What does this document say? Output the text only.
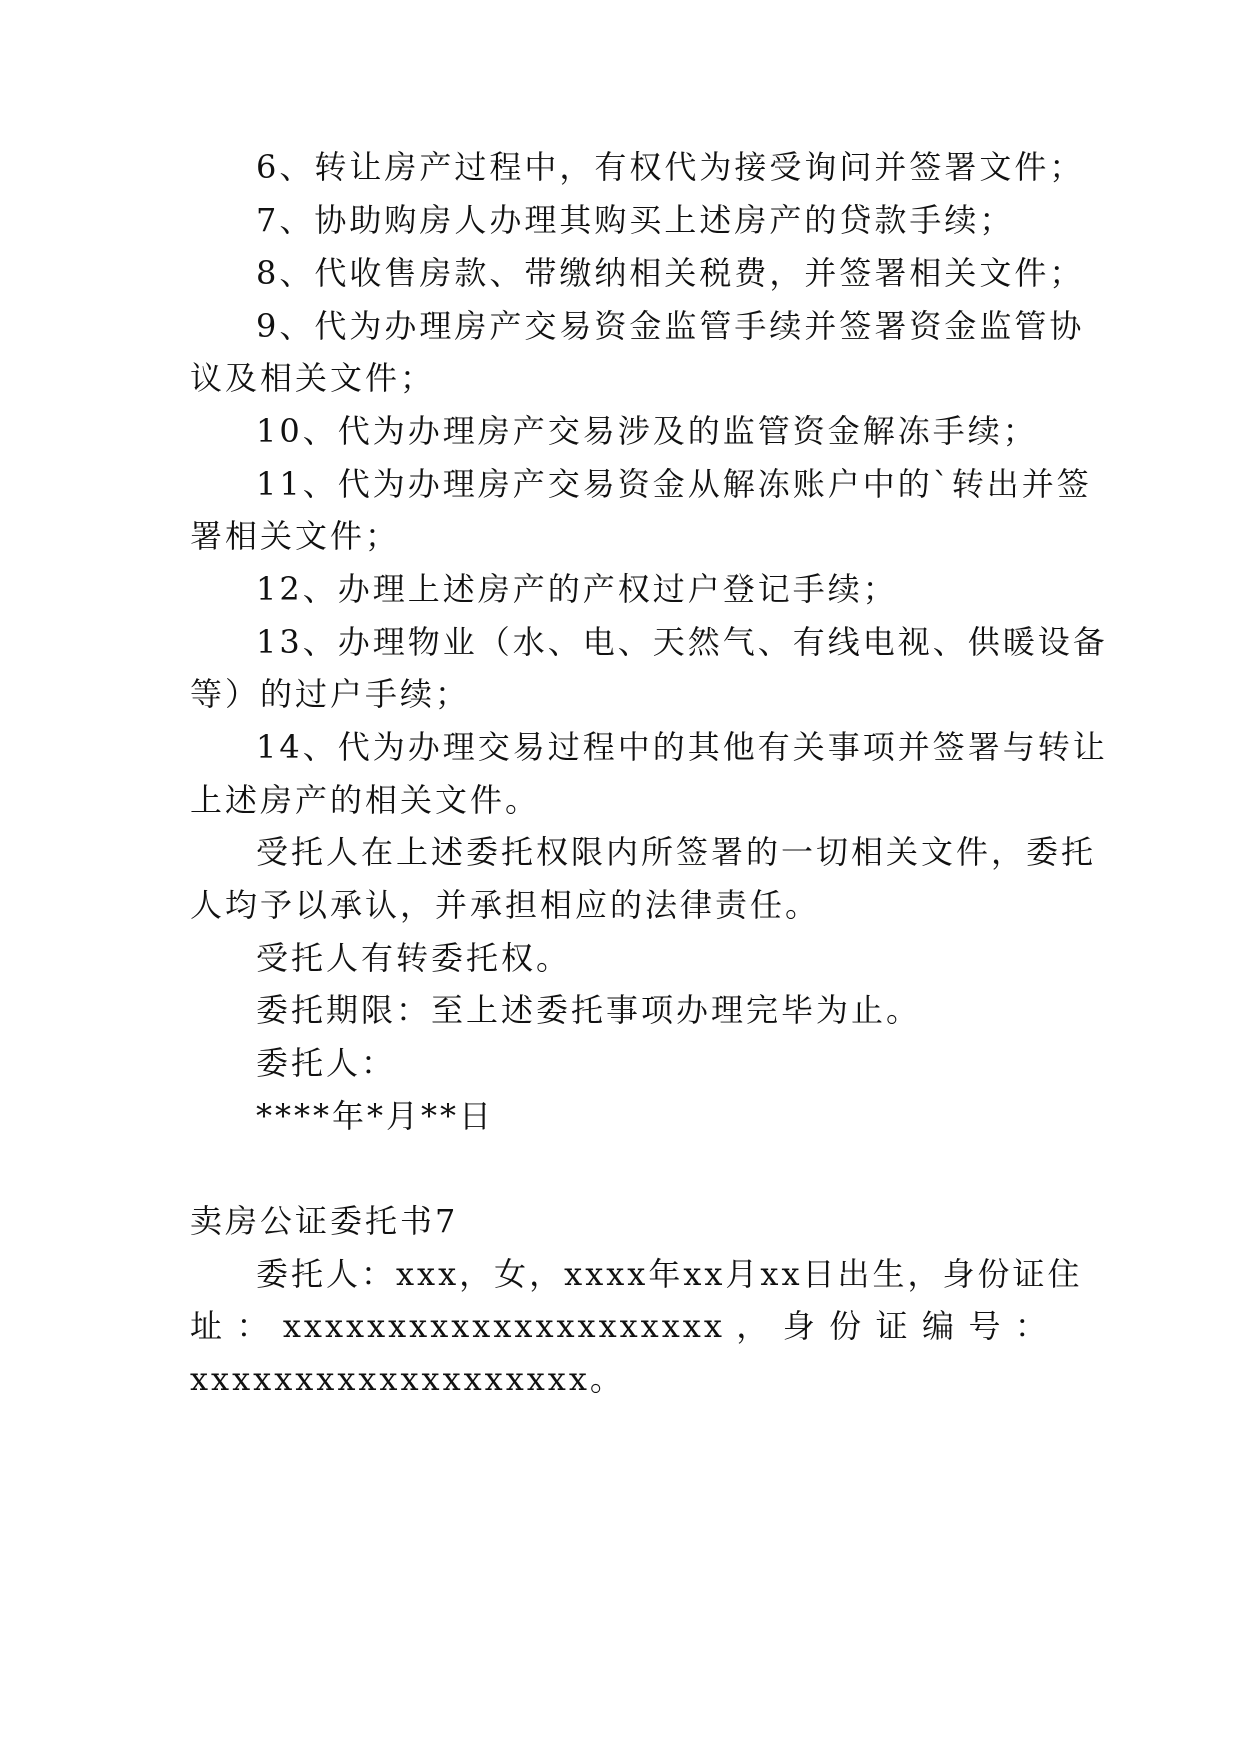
6、转让房产过程中，有权代为接受询问并签署文件；
7、协助购房人办理其购买上述房产的贷款手续；
8、代收售房款、带缴纳相关税费，并签署相关文件；
9、代为办理房产交易资金监管手续并签署资金监管协
议及相关文件；
10、代为办理房产交易涉及的监管资金解冻手续；
11、代为办理房产交易资金从解冻账户中的`转出并签
署相关文件；
12、办理上述房产的产权过户登记手续；
13、办理物业（水、电、天然气、有线电视、供暖设备
等）的过户手续；
14、代为办理交易过程中的其他有关事项并签署与转让
上述房产的相关文件。
受托人在上述委托权限内所签署的一切相关文件，委托
人均予以承认，并承担相应的法律责任。
受托人有转委托权。
委托期限：至上述委托事项办理完毕为止。
委托人：
****年*月**日
卖房公证委托书7
委托人：xxx，女，xxxx年xx月xx日出生，身份证住
址 ： xxxxxxxxxxxxxxxxxxxxx ， 身 份 证 编 号 ：
xxxxxxxxxxxxxxxxxxx。
